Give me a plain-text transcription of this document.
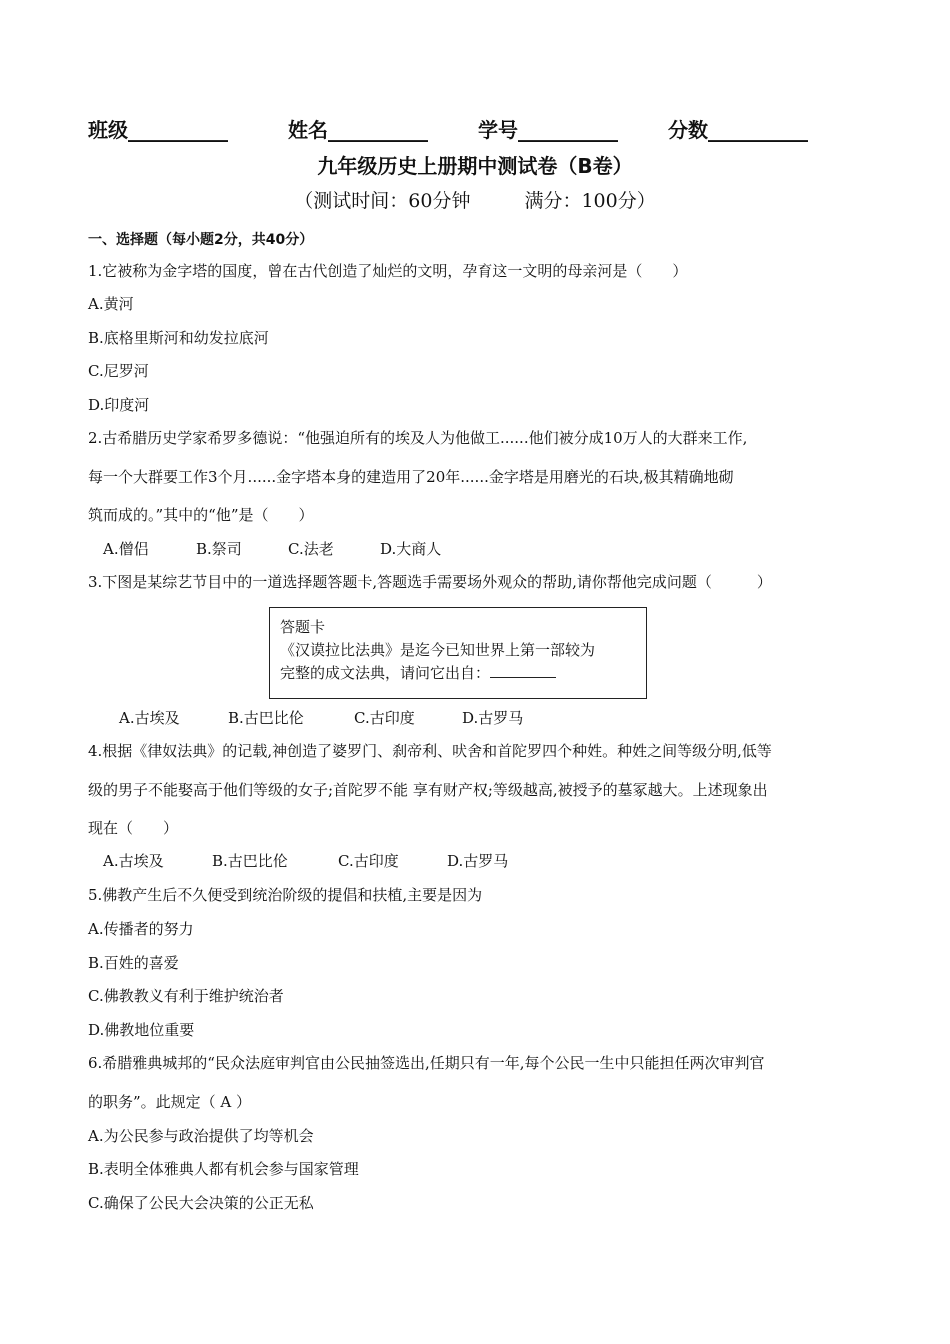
班级__________	姓名__________	学号__________	分数__________
九年级历史上册期中测试卷（B卷）
（测试时间：60分钟	满分：100分）
一、选择题（每小题2分，共40分）
1.它被称为金字塔的国度，曾在古代创造了灿烂的文明，孕育这一文明的母亲河是（　　）
A.黄河
B.底格里斯河和幼发拉底河
C.尼罗河
D.印度河
2.古希腊历史学家希罗多德说：“他强迫所有的埃及人为他做工......他们被分成10万人的大群来工作,
每一个大群要工作3个月......金字塔本身的建造用了20年......金字塔是用磨光的石块,极其精确地砌
筑而成的。”其中的“他”是（　　）
A.僧侣	B.祭司	C.法老	D.大商人
3.下图是某综艺节目中的一道选择题答题卡,答题选手需要场外观众的帮助,请你帮他完成问题（　　　）
答题卡
《汉谟拉比法典》是迄今已知世界上第一部较为
完整的成文法典，请问它出自：
A.古埃及	B.古巴比伦	C.古印度	D.古罗马
4.根据《律奴法典》的记载,神创造了婆罗门、刹帝利、吠舍和首陀罗四个种姓。种姓之间等级分明,低等
级的男子不能娶高于他们等级的女子;首陀罗不能 享有财产权;等级越高,被授予的墓冢越大。上述现象出
现在（　　）
A.古埃及	B.古巴比伦	C.古印度	D.古罗马
5.佛教产生后不久便受到统治阶级的提倡和扶植,主要是因为
A.传播者的努力
B.百姓的喜爱
C.佛教教义有利于维护统治者
D.佛教地位重要
6.希腊雅典城邦的“民众法庭审判官由公民抽签选出,任期只有一年,每个公民一生中只能担任两次审判官
的职务”。此规定（ A ）
A.为公民参与政治提供了均等机会
B.表明全体雅典人都有机会参与国家管理
C.确保了公民大会决策的公正无私
